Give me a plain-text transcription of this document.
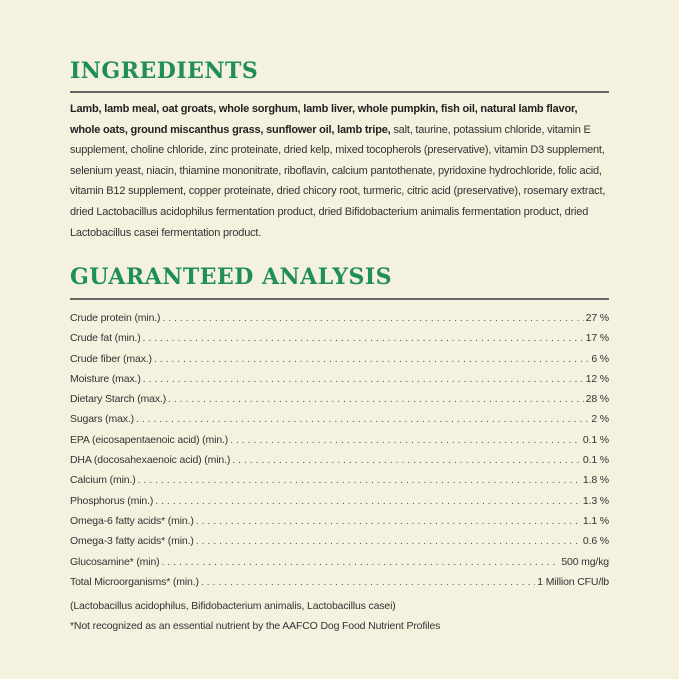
INGREDIENTS
Lamb, lamb meal, oat groats, whole sorghum, lamb liver, whole pumpkin, fish oil, natural lamb flavor, whole oats, ground miscanthus grass, sunflower oil, lamb tripe, salt, taurine, potassium chloride, vitamin E supplement, choline chloride, zinc proteinate, dried kelp, mixed tocopherols (preservative), vitamin D3 supplement, selenium yeast, niacin, thiamine mononitrate, riboflavin, calcium pantothenate, pyridoxine hydrochloride, folic acid, vitamin B12 supplement, copper proteinate, dried chicory root, turmeric, citric acid (preservative), rosemary extract, dried Lactobacillus acidophilus fermentation product, dried Bifidobacterium animalis fermentation product, dried Lactobacillus casei fermentation product.
GUARANTEED ANALYSIS
Crude protein (min.) . . .	27 %
Crude fat (min.) . . .	17 %
Crude fiber (max.) . . .	6 %
Moisture (max.) . . .	12 %
Dietary Starch (max.) . . .	28 %
Sugars (max.) . . .	2 %
EPA (eicosapentaenoic acid) (min.) . . .	0.1 %
DHA (docosahexaenoic acid) (min.) . . .	0.1 %
Calcium (min.) . . .	1.8 %
Phosphorus (min.) . . .	1.3 %
Omega-6 fatty acids* (min.) . . .	1.1 %
Omega-3 fatty acids* (min.) . . .	0.6 %
Glucosamine* (min) . . .	500 mg/kg
Total Microorganisms* (min.) . . .	1 Million CFU/lb
(Lactobacillus acidophilus, Bifidobacterium animalis, Lactobacillus casei)
*Not recognized as an essential nutrient by the AAFCO Dog Food Nutrient Profiles
